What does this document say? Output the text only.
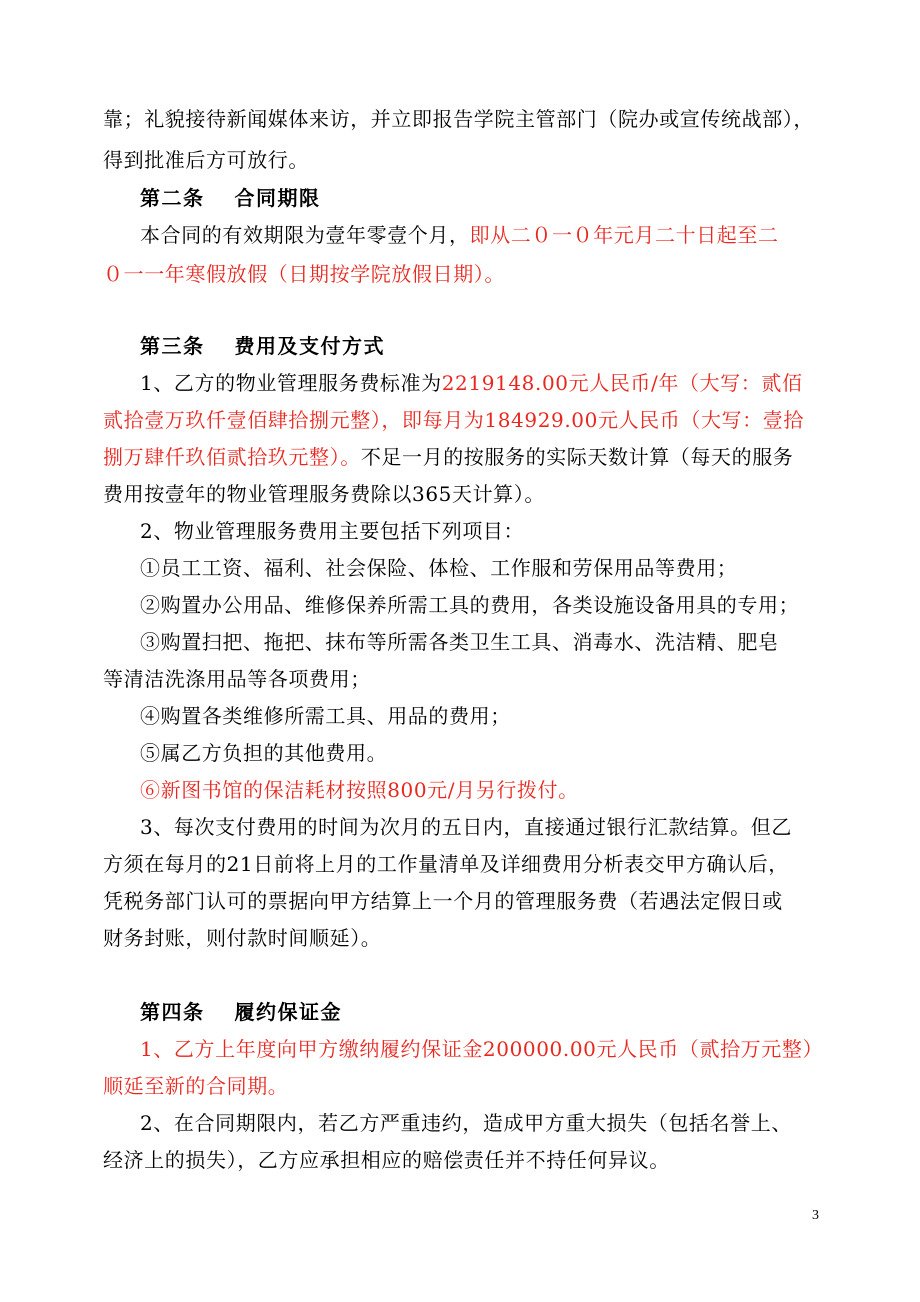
靠；礼貌接待新闻媒体来访，并立即报告学院主管部门（院办或宣传统战部），
得到批准后方可放行。
第二条 合同期限
本合同的有效期限为壹年零壹个月，即从二０一０年元月二十日起至二
０一一年寒假放假（日期按学院放假日期）。
第三条 费用及支付方式
1、乙方的物业管理服务费标准为2219148.00元人民币/年（大写：贰佰
贰拾壹万玖仟壹佰肆拾捌元整），即每月为184929.00元人民币（大写：壹拾
捌万肆仟玖佰贰拾玖元整）。不足一月的按服务的实际天数计算（每天的服务
费用按壹年的物业管理服务费除以365天计算）。
2、物业管理服务费用主要包括下列项目：
①员工工资、福利、社会保险、体检、工作服和劳保用品等费用；
②购置办公用品、维修保养所需工具的费用，各类设施设备用具的专用；
③购置扫把、拖把、抹布等所需各类卫生工具、消毒水、洗洁精、肥皂
等清洁洗涤用品等各项费用；
④购置各类维修所需工具、用品的费用；
⑤属乙方负担的其他费用。
⑥新图书馆的保洁耗材按照800元/月另行拨付。
3、每次支付费用的时间为次月的五日内，直接通过银行汇款结算。但乙
方须在每月的21日前将上月的工作量清单及详细费用分析表交甲方确认后，
凭税务部门认可的票据向甲方结算上一个月的管理服务费（若遇法定假日或
财务封账，则付款时间顺延）。
第四条 履约保证金
1、乙方上年度向甲方缴纳履约保证金200000.00元人民币（贰拾万元整）
顺延至新的合同期。
2、在合同期限内，若乙方严重违约，造成甲方重大损失（包括名誉上、
经济上的损失），乙方应承担相应的赔偿责任并不持任何异议。
3
